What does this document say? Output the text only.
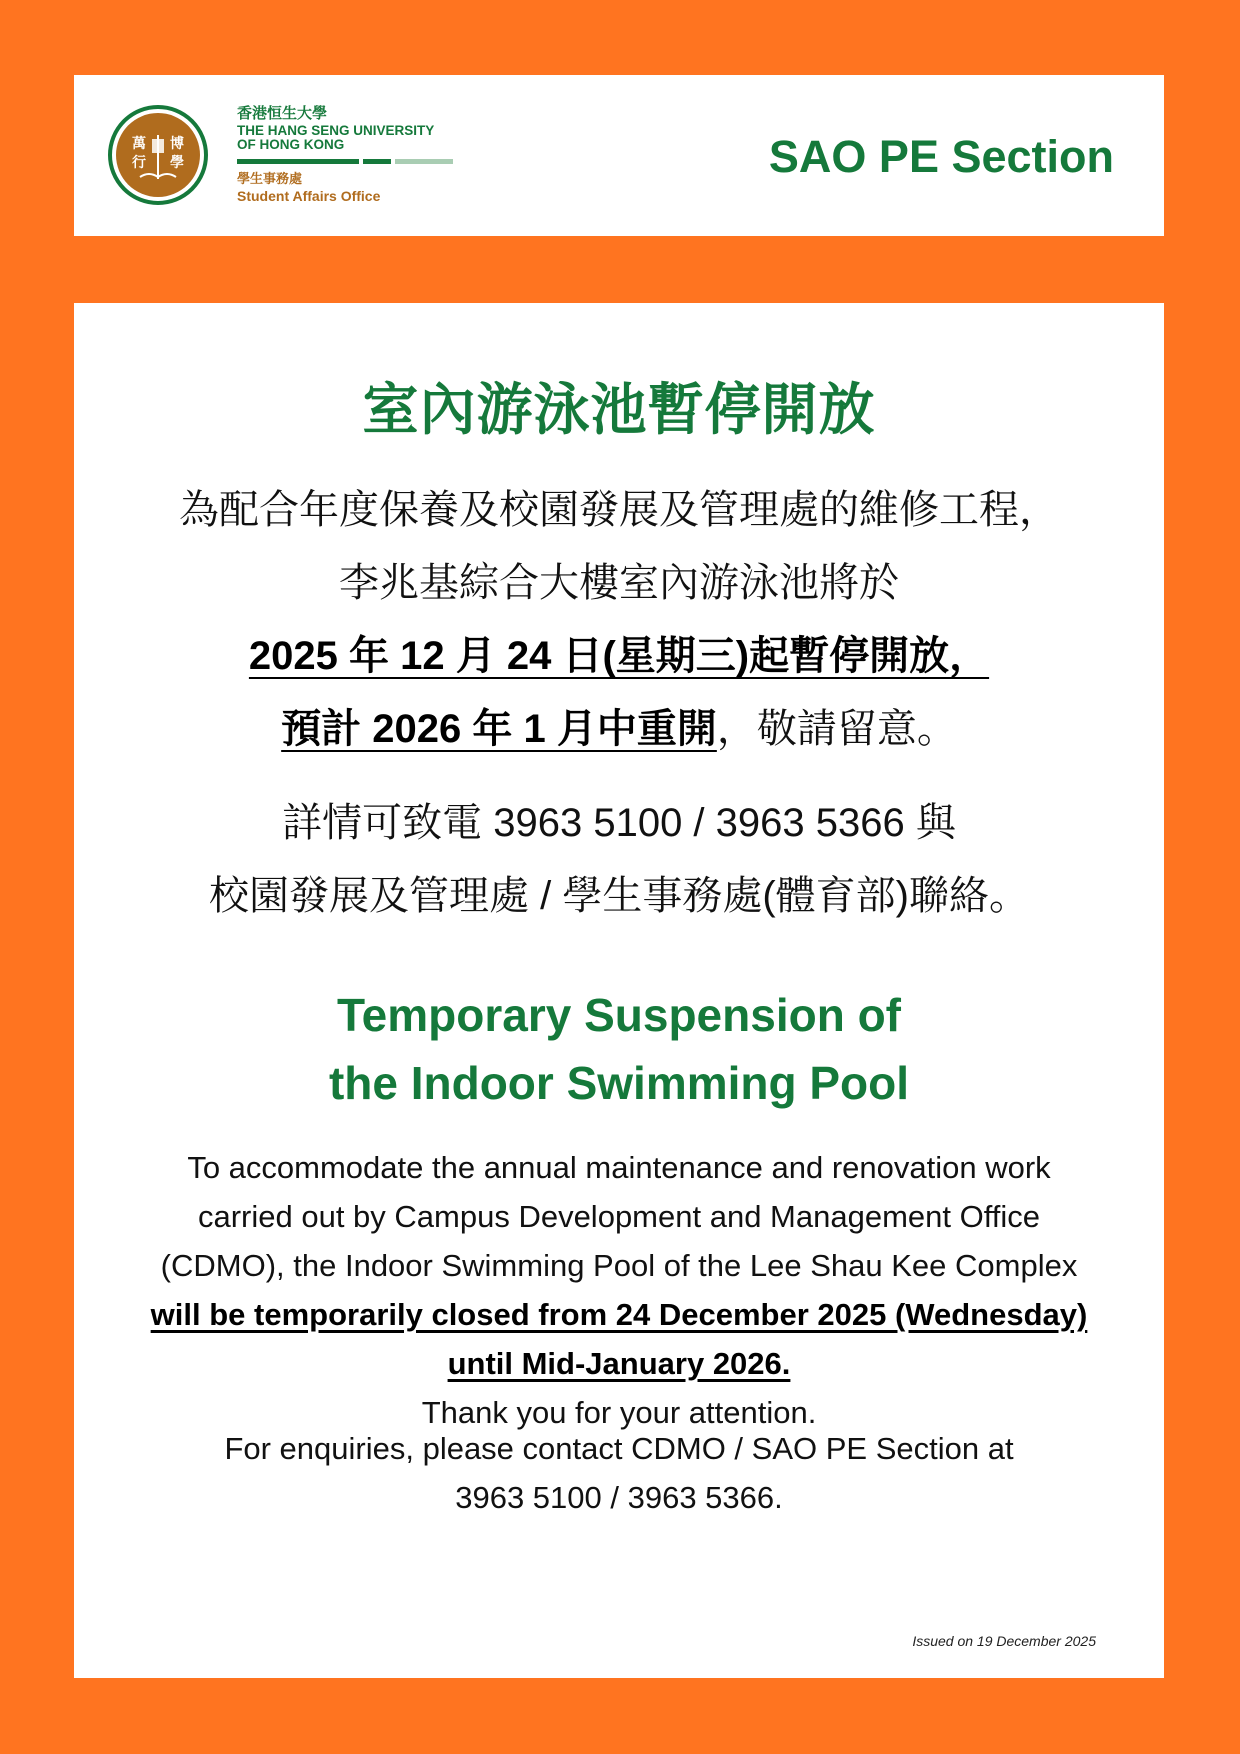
萬 博
行 學
香港恒生大學
THE HANG SENG UNIVERSITY
OF HONG KONG
學生事務處
Student Affairs Office
SAO PE Section
室內游泳池暫停開放
為配合年度保養及校園發展及管理處的維修工程，
李兆基綜合大樓室內游泳池將於
2025 年 12 月 24 日(星期三)起暫停開放，
預計 2026 年 1 月中重開，敬請留意。
詳情可致電 3963 5100 / 3963 5366 與
校園發展及管理處 / 學生事務處(體育部)聯絡。
Temporary Suspension of
the Indoor Swimming Pool
To accommodate the annual maintenance and renovation work
carried out by Campus Development and Management Office
(CDMO), the Indoor Swimming Pool of the Lee Shau Kee Complex
will be temporarily closed from 24 December 2025 (Wednesday)
until Mid-January 2026.
Thank you for your attention.
For enquiries, please contact CDMO / SAO PE Section at
3963 5100 / 3963 5366.
Issued on 19 December 2025
